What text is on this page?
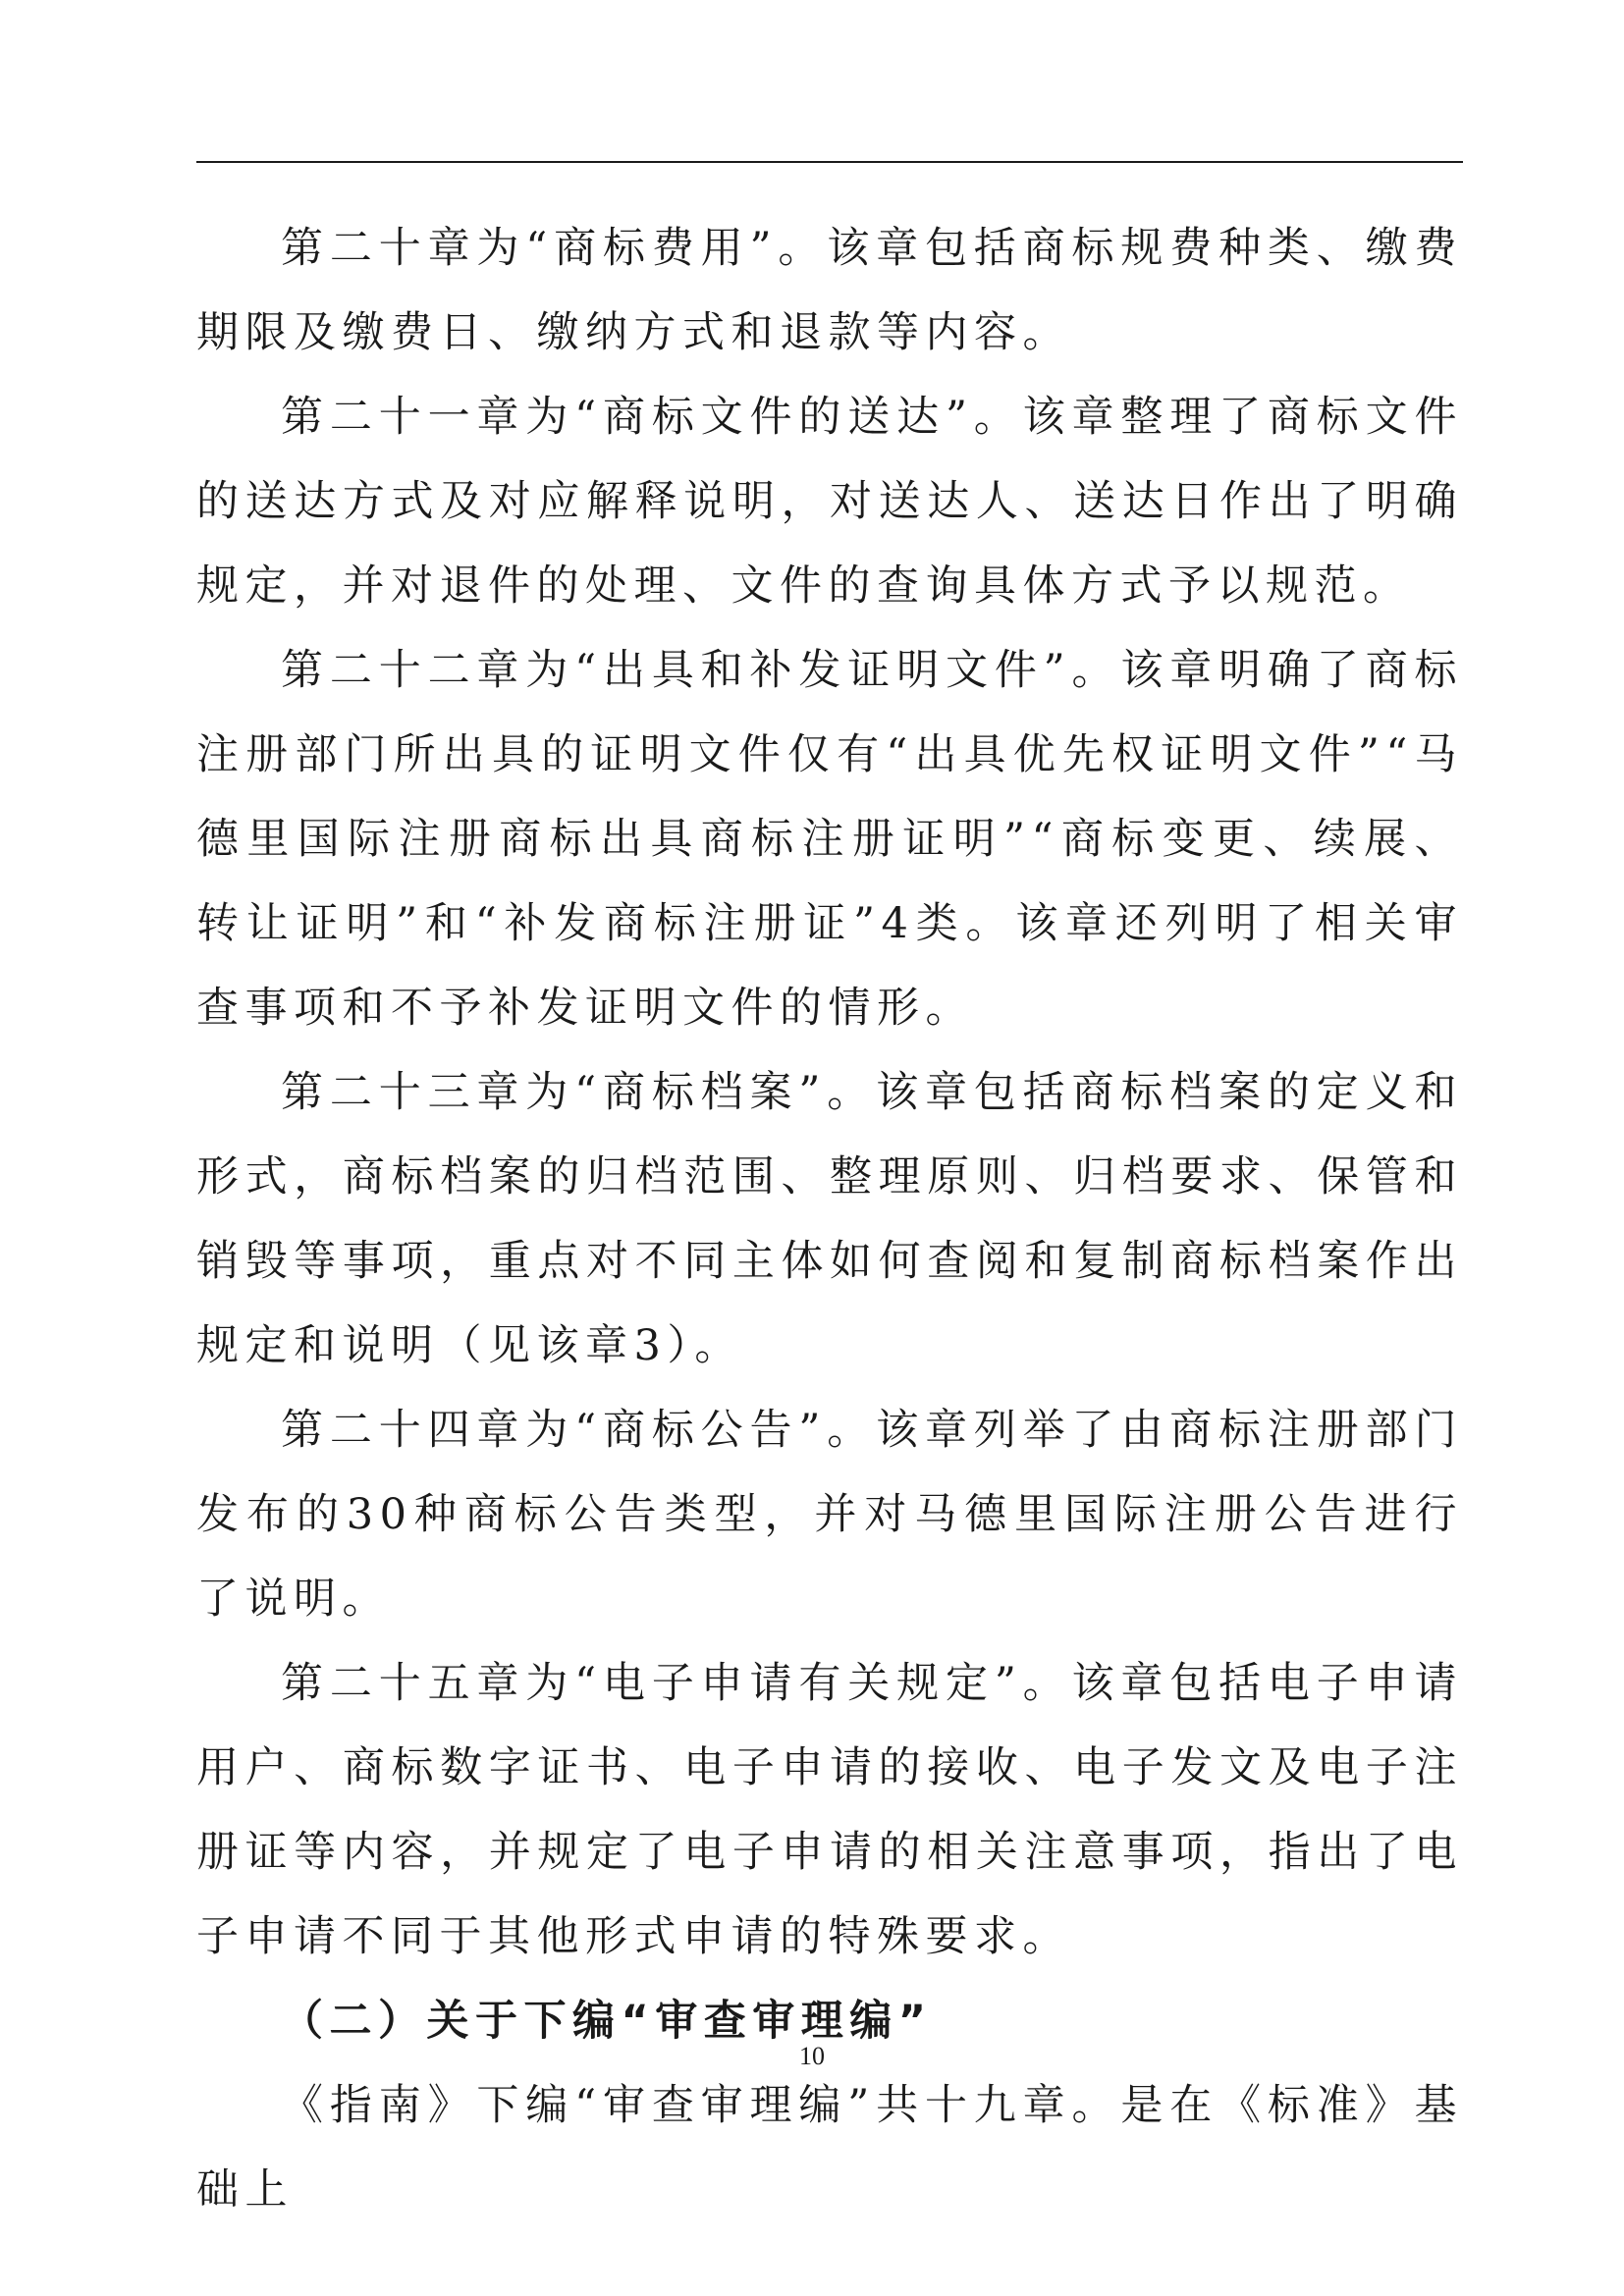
第二十章为“商标费用”。该章包括商标规费种类、缴费期限及缴费日、缴纳方式和退款等内容。

第二十一章为“商标文件的送达”。该章整理了商标文件的送达方式及对应解释说明，对送达人、送达日作出了明确规定，并对退件的处理、文件的查询具体方式予以规范。

第二十二章为“出具和补发证明文件”。该章明确了商标注册部门所出具的证明文件仅有“出具优先权证明文件”“马德里国际注册商标出具商标注册证明”“商标变更、续展、转让证明”和“补发商标注册证”4类。该章还列明了相关审查事项和不予补发证明文件的情形。

第二十三章为“商标档案”。该章包括商标档案的定义和形式，商标档案的归档范围、整理原则、归档要求、保管和销毁等事项，重点对不同主体如何查阅和复制商标档案作出规定和说明（见该章3）。

第二十四章为“商标公告”。该章列举了由商标注册部门发布的30种商标公告类型，并对马德里国际注册公告进行了说明。

第二十五章为“电子申请有关规定”。该章包括电子申请用户、商标数字证书、电子申请的接收、电子发文及电子注册证等内容，并规定了电子申请的相关注意事项，指出了电子申请不同于其他形式申请的特殊要求。

（二）关于下编“审查审理编”

《指南》下编“审查审理编”共十九章。是在《标准》基础上

10
